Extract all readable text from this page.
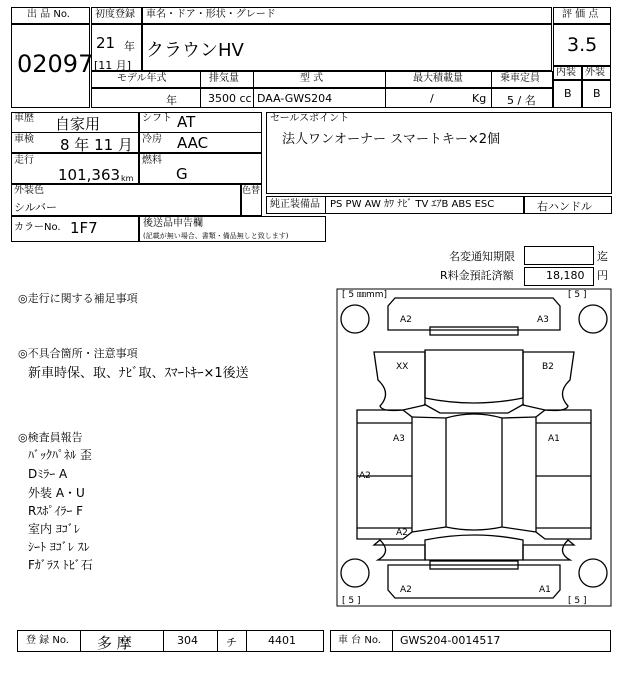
出 品 No.
02097
初度登録 車名・ドア・形状・グレード
21 年
[11 月]
クラウンHV
評 価 点
3.5
内装 外装
B B
モデル年式	排気量	型 式	最大積載量	乗車定員
年	3500 cc DAA-GWS204	/	Kg 5 / 名
車歴 自家用	シフト AT
車検 8 年 11 月 冷房 AAC
走行
101,363 km
燃料
G
外装色
シルバー
色替
カラーNo. 1F7	後送品申告欄
(記載が無い場合、書類・備品無しと致します)
セールスポイント
法人ワンオーナー スマートキー×2個
純正装備品 PS PW AW ｶﾜ ﾅﾋﾞ TV ｴｱB ABS ESC	右ハンドル
名変通知期限	迄
R料金預託済額	18,180 円
◎走行に関する補足事項
◎不具合箇所・注意事項
新車時保、取、ﾅﾋﾞ取、ｽﾏｰﾄｷｰ×1後送
◎検査員報告
ﾊﾞｯｸﾊﾟﾈﾙ 歪
Dﾐﾗｰ A
外装 A・U
Rｽﾎﾟｲﾗｰ F
室内 ﾖｺﾞﾚ
ｼｰﾄ ﾖｺﾞﾚ ｽﾚ
Fｶﾞﾗｽ ﾄﾋﾞ石
[ 5 ㎜mm]	[ 5 ]
[ 5 ]	[ 5 ]
A2	A3
XX	B2
A3	A1
A2
A2
A2	A1
登 録 No. 多 摩	304	チ	4401	車 台 No. GWS204-0014517
